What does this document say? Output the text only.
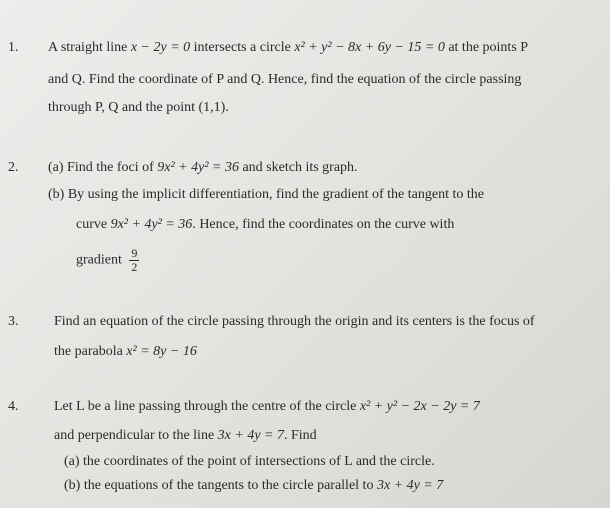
1. A straight line x − 2y = 0 intersects a circle x² + y² − 8x + 6y − 15 = 0 at the points P
and Q. Find the coordinate of P and Q. Hence, find the equation of the circle passing
through P, Q and the point (1,1).
2. (a) Find the foci of 9x² + 4y² = 36 and sketch its graph.
(b) By using the implicit differentiation, find the gradient of the tangent to the
curve 9x² + 4y² = 36. Hence, find the coordinates on the curve with
gradient $\frac{9}{2}$
3.	Find an equation of the circle passing through the origin and its centers is the focus of
the parabola x² = 8y − 16
4.	Let L be a line passing through the centre of the circle x² + y² − 2x − 2y = 7
and perpendicular to the line 3x + 4y = 7. Find
(a) the coordinates of the point of intersections of L and the circle.
(b) the equations of the tangents to the circle parallel to 3x + 4y = 7
